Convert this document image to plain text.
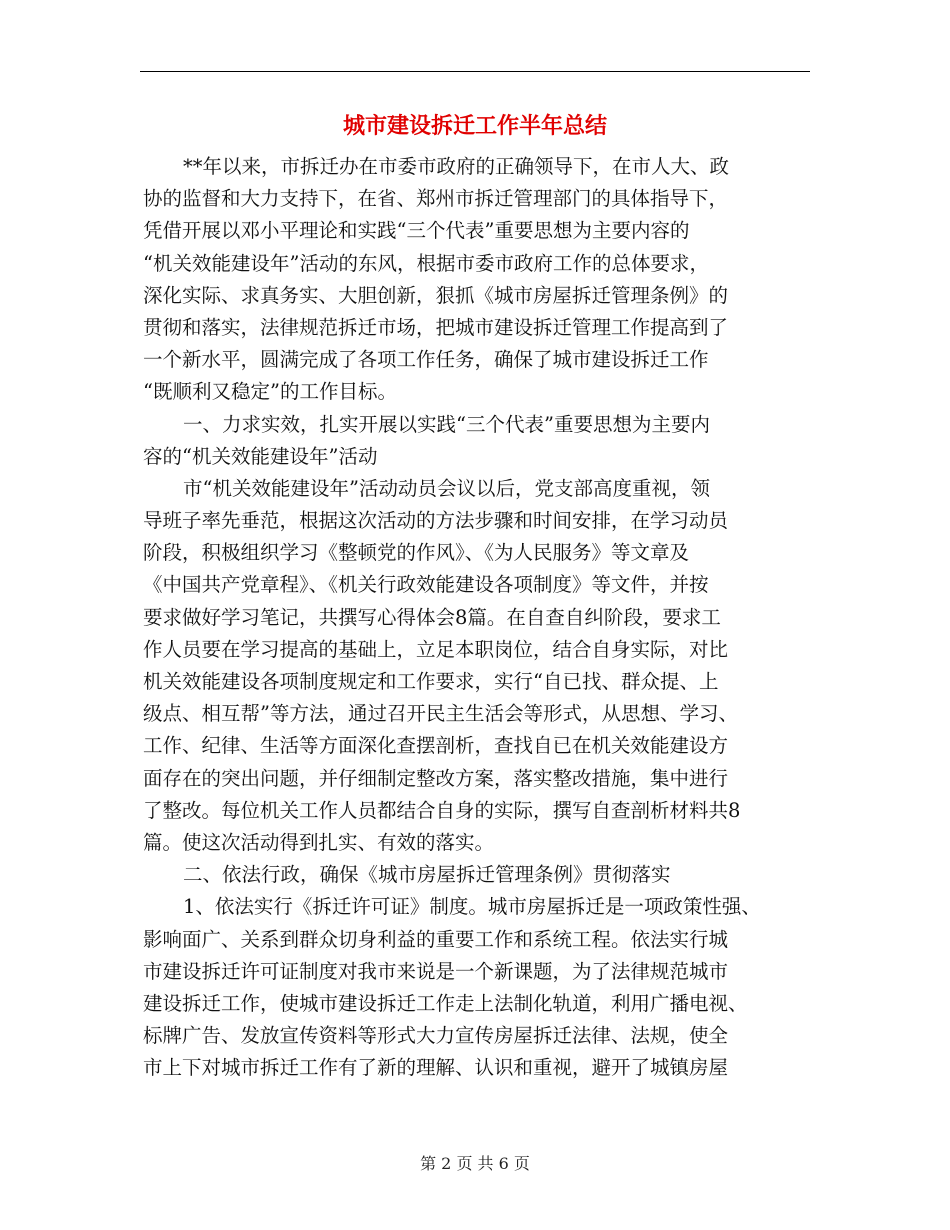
城市建设拆迁工作半年总结
**年以来，市拆迁办在市委市政府的正确领导下，在市人大、政
协的监督和大力支持下，在省、郑州市拆迁管理部门的具体指导下，
凭借开展以邓小平理论和实践“三个代表”重要思想为主要内容的
“机关效能建设年”活动的东风，根据市委市政府工作的总体要求，
深化实际、求真务实、大胆创新，狠抓《城市房屋拆迁管理条例》的
贯彻和落实，法律规范拆迁市场，把城市建设拆迁管理工作提高到了
一个新水平，圆满完成了各项工作任务，确保了城市建设拆迁工作
“既顺利又稳定”的工作目标。
一、力求实效，扎实开展以实践“三个代表”重要思想为主要内
容的“机关效能建设年”活动
市“机关效能建设年”活动动员会议以后，党支部高度重视，领
导班子率先垂范，根据这次活动的方法步骤和时间安排，在学习动员
阶段，积极组织学习《整顿党的作风》、《为人民服务》等文章及
《中国共产党章程》、《机关行政效能建设各项制度》等文件，并按
要求做好学习笔记，共撰写心得体会8篇。在自查自纠阶段，要求工
作人员要在学习提高的基础上，立足本职岗位，结合自身实际，对比
机关效能建设各项制度规定和工作要求，实行“自已找、群众提、上
级点、相互帮”等方法，通过召开民主生活会等形式，从思想、学习、
工作、纪律、生活等方面深化查摆剖析，查找自已在机关效能建设方
面存在的突出问题，并仔细制定整改方案，落实整改措施，集中进行
了整改。每位机关工作人员都结合自身的实际，撰写自查剖析材料共8
篇。使这次活动得到扎实、有效的落实。
二、依法行政，确保《城市房屋拆迁管理条例》贯彻落实
1、依法实行《拆迁许可证》制度。城市房屋拆迁是一项政策性强、
影响面广、关系到群众切身利益的重要工作和系统工程。依法实行城
市建设拆迁许可证制度对我市来说是一个新课题，为了法律规范城市
建设拆迁工作，使城市建设拆迁工作走上法制化轨道，利用广播电视、
标牌广告、发放宣传资料等形式大力宣传房屋拆迁法律、法规，使全
市上下对城市拆迁工作有了新的理解、认识和重视，避开了城镇房屋
第 2 页 共 6 页
